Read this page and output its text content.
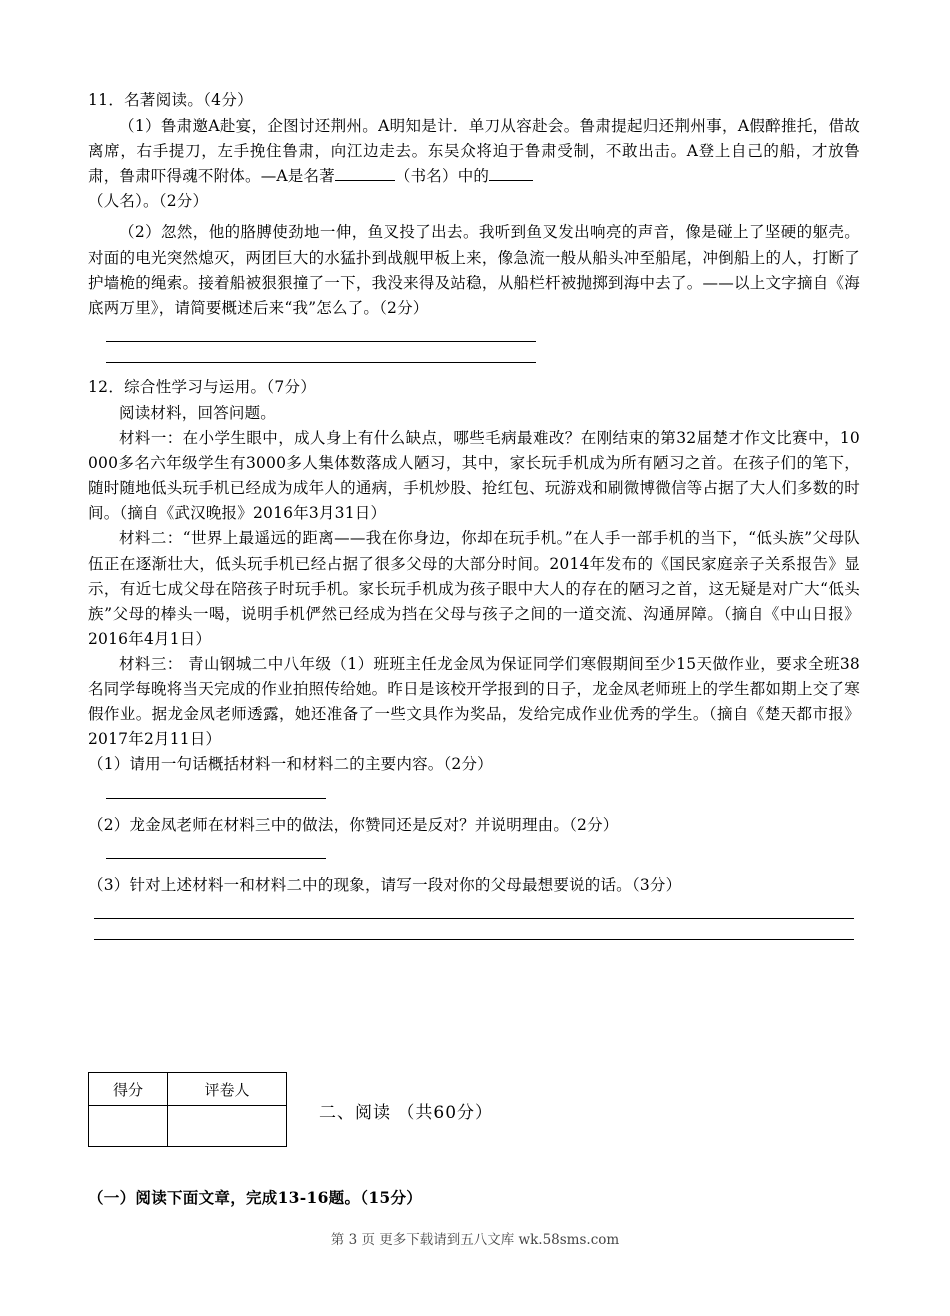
11．名著阅读。（4分）

（1）鲁肃邀A赴宴，企图讨还荆州。A明知是计．单刀从容赴会。鲁肃提起归还荆州事，A假醉推托，借故离席，右手提刀，左手挽住鲁肃，向江边走去。东吴众将迫于鲁肃受制，不敢出击。A登上自己的船，才放鲁肃，鲁肃吓得魂不附体。—A是名著	（书名）中的

（人名）。（2分）

（2）忽然，他的胳膊使劲地一伸，鱼叉投了出去。我听到鱼叉发出响亮的声音，像是碰上了坚硬的躯壳。对面的电光突然熄灭，两团巨大的水猛扑到战舰甲板上来，像急流一般从船头冲至船尾，冲倒船上的人，打断了护墙桅的绳索。接着船被狠狠撞了一下，我没来得及站稳，从船栏杆被抛掷到海中去了。——以上文字摘自《海底两万里》，请简要概述后来“我”怎么了。（2分）

12．综合性学习与运用。（7分）

阅读材料，回答问题。

材料一：在小学生眼中，成人身上有什么缺点，哪些毛病最难改？在刚结束的第32届楚才作文比赛中，10 000多名六年级学生有3000多人集体数落成人陋习，其中，家长玩手机成为所有陋习之首。在孩子们的笔下，随时随地低头玩手机已经成为成年人的通病，手机炒股、抢红包、玩游戏和刷微博微信等占据了大人们多数的时间。（摘自《武汉晚报》2016年3月31日）

材料二：“世界上最遥远的距离——我在你身边，你却在玩手机。”在人手一部手机的当下，“低头族”父母队伍正在逐渐壮大，低头玩手机已经占据了很多父母的大部分时间。2014年发布的《国民家庭亲子关系报告》显示，有近七成父母在陪孩子时玩手机。家长玩手机成为孩子眼中大人的存在的陋习之首，这无疑是对广大“低头族”父母的棒头一喝，说明手机俨然已经成为挡在父母与孩子之间的一道交流、沟通屏障。（摘自《中山日报》2016年4月1日）

材料三： 青山钢城二中八年级（1）班班主任龙金凤为保证同学们寒假期间至少15天做作业，要求全班38名同学每晚将当天完成的作业拍照传给她。昨日是该校开学报到的日子，龙金凤老师班上的学生都如期上交了寒假作业。据龙金凤老师透露，她还准备了一些文具作为奖品，发给完成作业优秀的学生。（摘自《楚天都市报》2017年2月11日）

（1）请用一句话概括材料一和材料二的主要内容。（2分）

（2）龙金凤老师在材料三中的做法，你赞同还是反对？并说明理由。（2分）

（3）针对上述材料一和材料二中的现象，请写一段对你的父母最想要说的话。（3分）

得分	评卷人

二、阅读 （共60分）
（一）阅读下面文章，完成13-16题。（15分）
第 3 页 更多下载请到五八文库 wk.58sms.com
